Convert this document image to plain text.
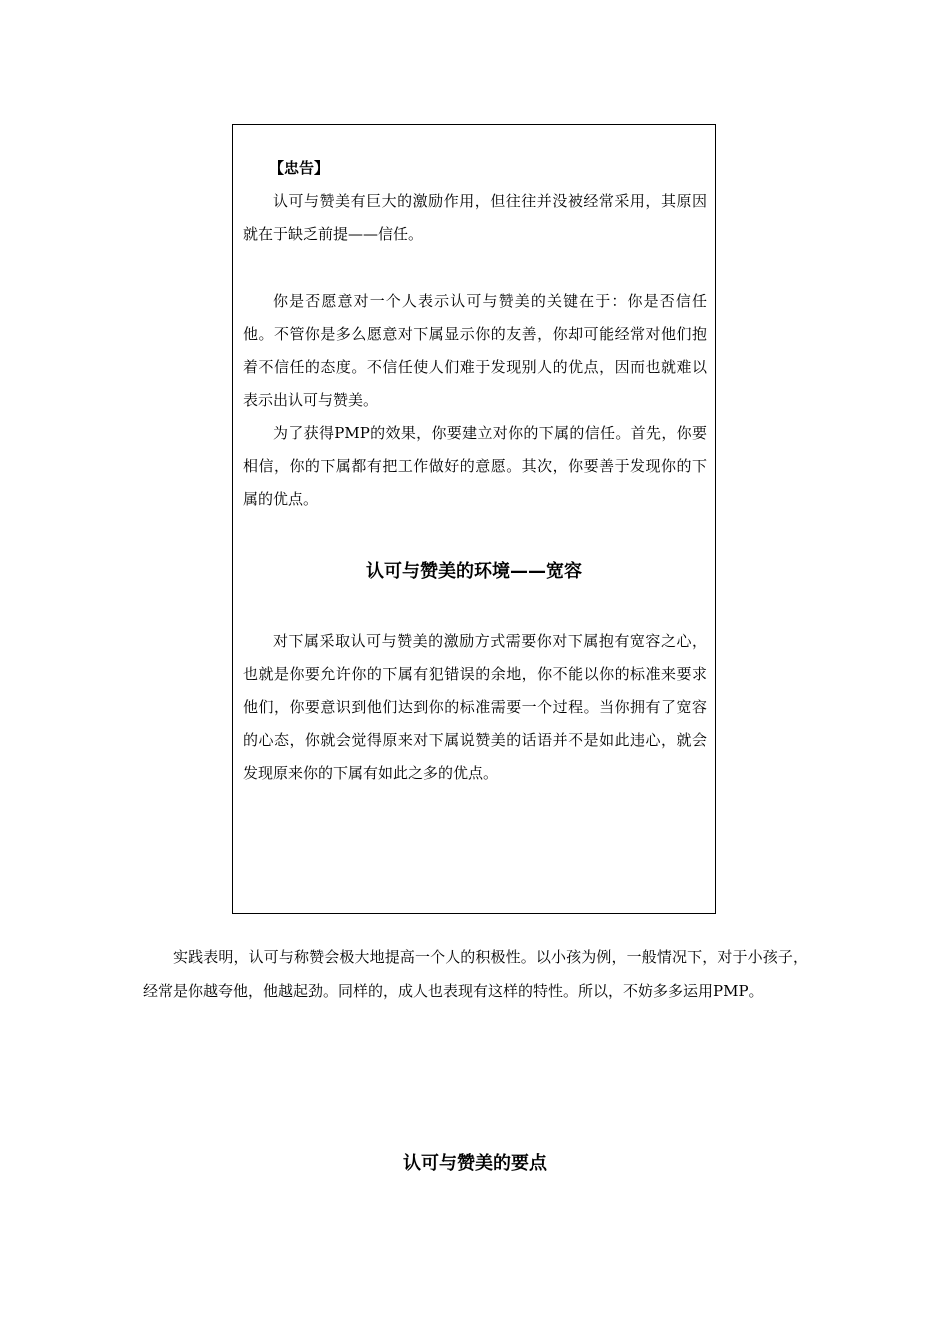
【忠告】

认可与赞美有巨大的激励作用，但往往并没被经常采用，其原因就在于缺乏前提——信任。

你是否愿意对一个人表示认可与赞美的关键在于：你是否信任他。不管你是多么愿意对下属显示你的友善，你却可能经常对他们抱着不信任的态度。不信任使人们难于发现别人的优点，因而也就难以表示出认可与赞美。

为了获得PMP的效果，你要建立对你的下属的信任。首先，你要相信，你的下属都有把工作做好的意愿。其次，你要善于发现你的下属的优点。

认可与赞美的环境——宽容

对下属采取认可与赞美的激励方式需要你对下属抱有宽容之心，也就是你要允许你的下属有犯错误的余地，你不能以你的标准来要求他们，你要意识到他们达到你的标准需要一个过程。当你拥有了宽容的心态，你就会觉得原来对下属说赞美的话语并不是如此违心，就会发现原来你的下属有如此之多的优点。

实践表明，认可与称赞会极大地提高一个人的积极性。以小孩为例，一般情况下，对于小孩子，经常是你越夸他，他越起劲。同样的，成人也表现有这样的特性。所以，不妨多多运用PMP。

认可与赞美的要点
